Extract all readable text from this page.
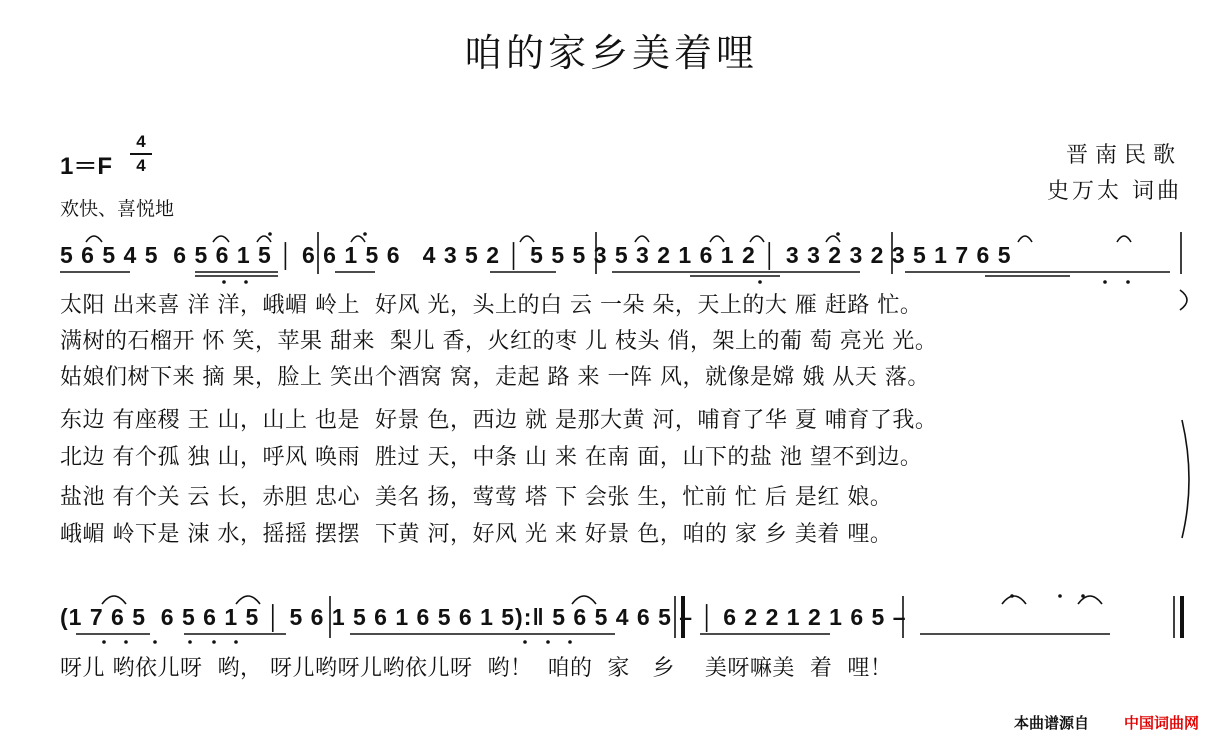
咱的家乡美着哩
1＝F
4
4
欢快、喜悦地
晋南民歌
史万太 词曲
5 6 5 4 5  6 5 6 1 5 │ 6 6 1 5 6   4 3 5 2 │ 5 5 5 3 5 3 2 1 6 1 2 │ 3 3 2 3 2 3 5 1 7 6 5
太阳 出来喜 洋 洋，峨嵋 岭上  好风 光，头上的白 云 一朵 朵，天上的大 雁 赶路 忙。
满树的石榴开 怀 笑，苹果 甜来  梨儿 香，火红的枣 儿 枝头 俏，架上的葡 萄 亮光 光。
姑娘们树下来 摘 果，脸上 笑出个酒窝 窝，走起 路 来 一阵 风，就像是嫦 娥 从天 落。
东边 有座稷 王 山，山上 也是  好景 色，西边 就 是那大黄 河，哺育了华 夏 哺育了我。
北边 有个孤 独 山，呼风 唤雨  胜过 天，中条 山 来 在南 面，山下的盐 池 望不到边。
盐池 有个关 云 长，赤胆 忠心  美名 扬，莺莺 塔 下 会张 生，忙前 忙 后 是红 娘。
峨嵋 岭下是 涑 水，摇摇 摆摆  下黄 河，好风 光 来 好景 色，咱的 家 乡 美着 哩。
(1 7 6 5  6 5 6 1 5 │ 5 6 1 5 6 1 6 5 6 1 5):‖ 5 6 5 4 6 5 – │ 6 2 2 1 2 1 6 5 –
呀儿 哟依儿呀  哟， 呀儿哟呀儿哟依儿呀  哟！  咱的  家   乡    美呀嘛美  着  哩！
本曲谱源自 中国词曲网
